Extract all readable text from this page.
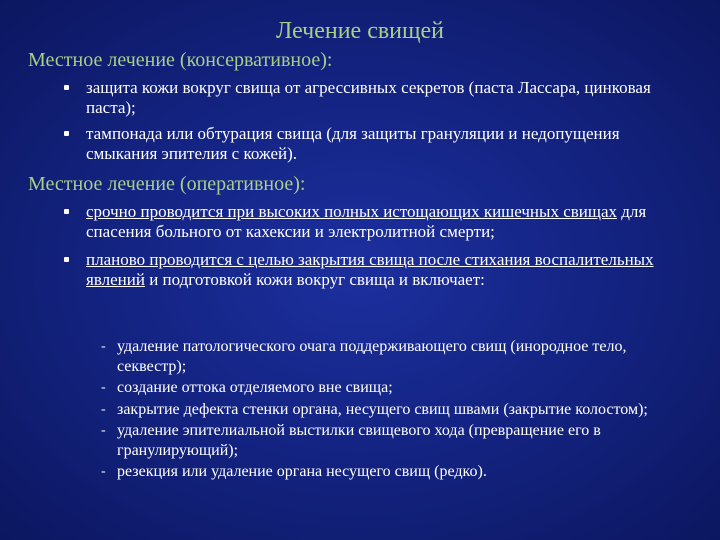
Лечение свищей
Местное лечение (консервативное):
защита кожи вокруг свища от агрессивных секретов (паста Лассара, цинковая паста);
тампонада или обтурация свища (для защиты грануляции и недопущения смыкания эпителия с кожей).
Местное лечение (оперативное):
срочно проводится при высоких полных истощающих кишечных свищах для спасения больного от кахексии и электролитной смерти;
планово проводится с целью закрытия свища после стихания воспалительных явлений и подготовкой кожи вокруг свища и включает:
- удаление патологического очага поддерживающего свищ (инородное тело, секвестр);
- создание оттока отделяемого вне свища;
- закрытие дефекта стенки органа, несущего свищ швами (закрытие колостом);
- удаление эпителиальной выстилки свищевого хода (превращение его в гранулирующий);
- резекция или удаление органа несущего свищ (редко).
